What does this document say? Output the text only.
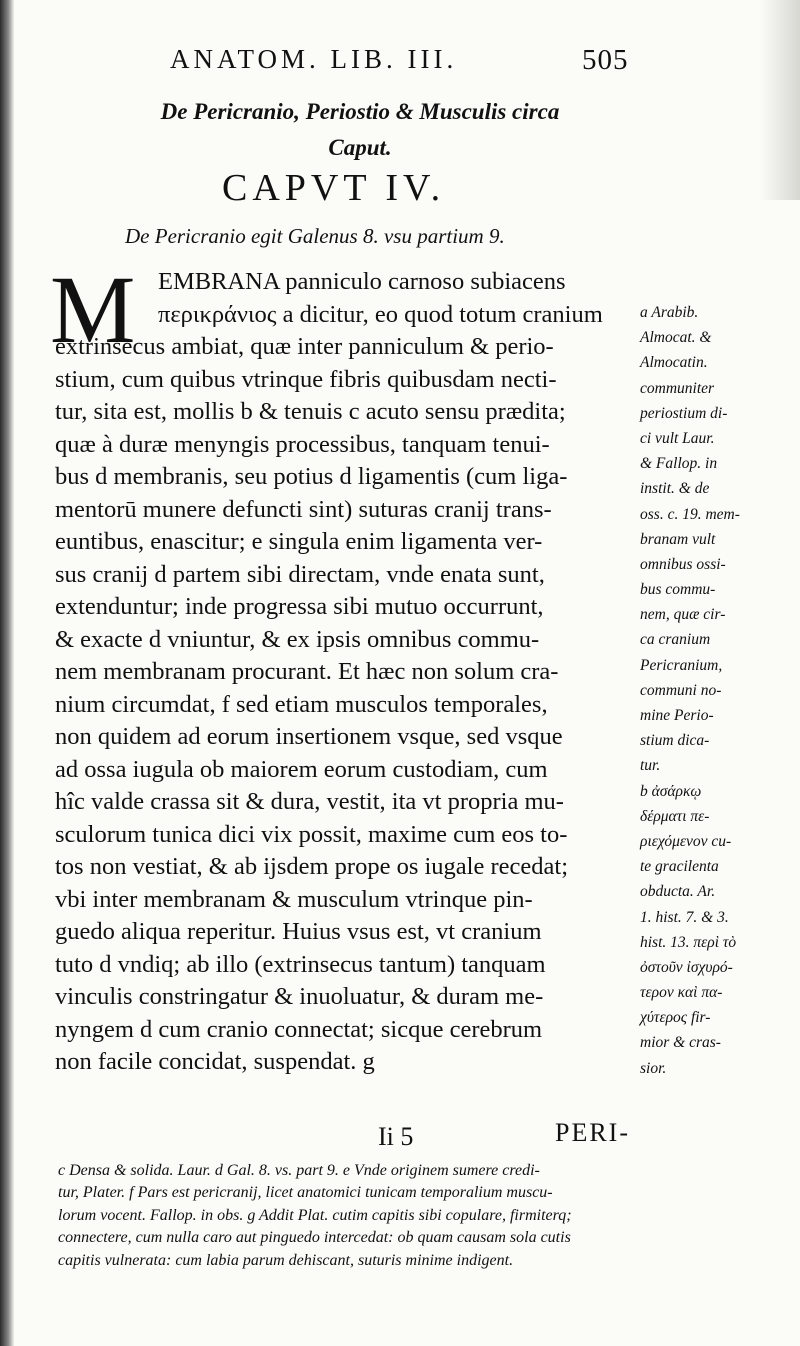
ANATOM. LIB. III.	505
De Pericranio, Periostio & Musculis circa
Caput.
CAPVT IV.
De Pericranio egit Galenus 8. vsu partium 9.
M EMBRANA panniculo carnoso subiacens
περικράνιος a dicitur, eo quod totum cranium
extrinsecus ambiat, quæ inter panniculum & perio-
stium, cum quibus vtrinque fibris quibusdam necti-
tur, sita est, mollis b & tenuis c acuto sensu prædita;
quæ à duræ menyngis processibus, tanquam tenui-
bus d membranis, seu potius d ligamentis (cum liga-
mentorū munere defuncti sint) suturas cranij trans-
euntibus, enascitur; e singula enim ligamenta ver-
sus cranij d partem sibi directam, vnde enata sunt,
extenduntur; inde progressa sibi mutuo occurrunt,
& exacte d vniuntur, & ex ipsis omnibus commu-
nem membranam procurant. Et hæc non solum cra-
nium circumdat, f sed etiam musculos temporales,
non quidem ad eorum insertionem vsque, sed vsque
ad ossa iugula ob maiorem eorum custodiam, cum
hîc valde crassa sit & dura, vestit, ita vt propria mu-
sculorum tunica dici vix possit, maxime cum eos to-
tos non vestiat, & ab ijsdem prope os iugale recedat;
vbi inter membranam & musculum vtrinque pin-
guedo aliqua reperitur. Huius vsus est, vt cranium
tuto d vndiq; ab illo (extrinsecus tantum) tanquam
vinculis constringatur & inuoluatur, & duram me-
nyngem d cum cranio connectat; sicque cerebrum
non facile concidat, suspendat. g
a Arabib.
Almocat. &
Almocatin.
communiter
periostium di-
ci vult Laur.
& Fallop. in
instit. & de
oss. c. 19. mem-
branam vult
omnibus ossi-
bus commu-
nem, quæ cir-
ca cranium
Pericranium,
communi no-
mine Perio-
stium dica-
tur.
b ἀσάρκῳ
δέρματι πε-
ριεχόμενον cu-
te gracilenta
obducta. Ar.
1. hist. 7. & 3.
hist. 13. περὶ τὸ
ὀστοῦν ἰσχυρό-
τερον καὶ πα-
χύτερος fir-
mior & cras-
sior.
Ii 5	PERI-
c Densa & solida. Laur. d Gal. 8. vs. part 9. e Vnde originem sumere credi-
tur, Plater. f Pars est pericranij, licet anatomici tunicam temporalium muscu-
lorum vocent. Fallop. in obs. g Addit Plat. cutim capitis sibi copulare, firmiterq;
connectere, cum nulla caro aut pinguedo intercedat: ob quam causam sola cutis
capitis vulnerata: cum labia parum dehiscant, suturis minime indigent.
